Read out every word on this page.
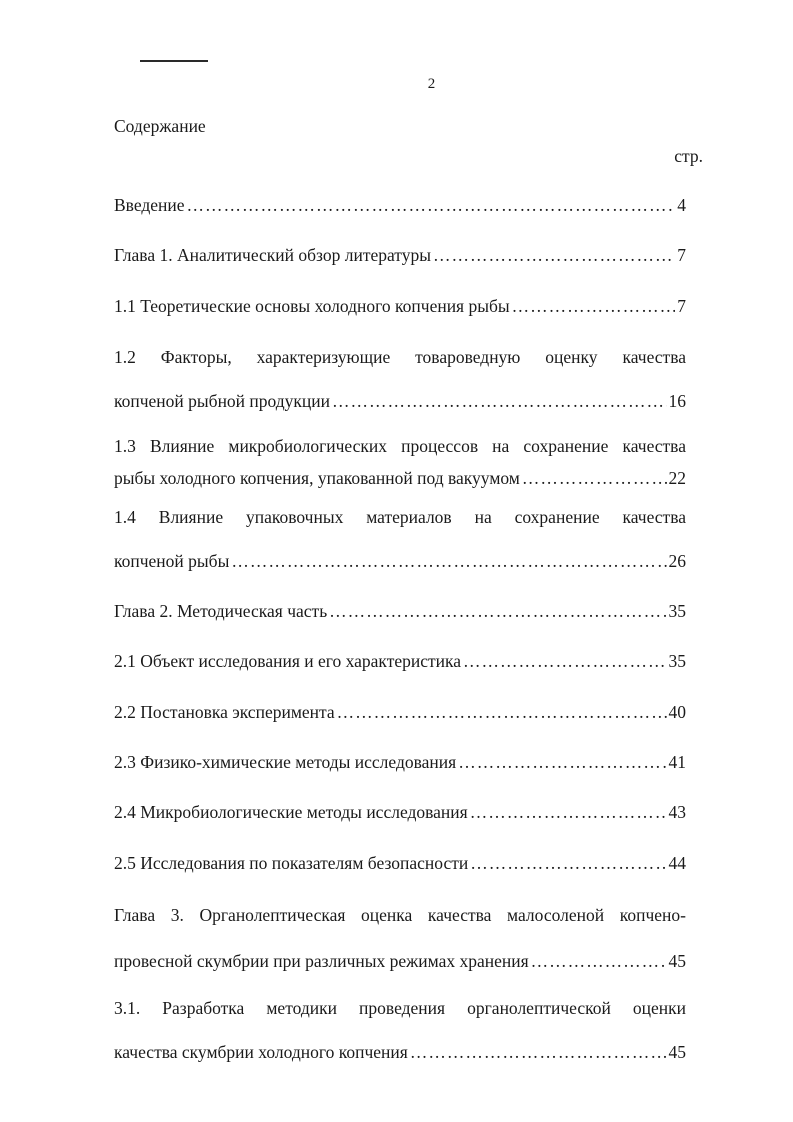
2
Содержание
стр.
Введение ……………………………………………………………………………………………………………………………………	4
Глава 1. Аналитический обзор литературы ……………………………………………………………………………………………………………………………………	7
1.1 Теоретические основы холодного копчения рыбы ……………………………………………………………………………………………………………………………………	7
1.2 Факторы, характеризующие товароведную оценку качества
копченой рыбной продукции ……………………………………………………………………………………………………………………………………	16
1.3 Влияние микробиологических процессов на сохранение качества
рыбы холодного копчения, упакованной под вакуумом ……………………………………………………………………………………………………………………………………	22
1.4 Влияние упаковочных материалов на сохранение качества
копченой рыбы ……………………………………………………………………………………………………………………………………	26
Глава 2. Методическая часть ……………………………………………………………………………………………………………………………………	35
2.1 Объект исследования и его характеристика ……………………………………………………………………………………………………………………………………	35
2.2 Постановка эксперимента ……………………………………………………………………………………………………………………………………	40
2.3 Физико-химические методы исследования ……………………………………………………………………………………………………………………………………	41
2.4 Микробиологические методы исследования ……………………………………………………………………………………………………………………………………	43
2.5 Исследования по показателям безопасности ……………………………………………………………………………………………………………………………………	44
Глава 3. Органолептическая оценка качества малосоленой копчено-
провесной скумбрии при различных режимах хранения ……………………………………………………………………………………………………………………………………	45
3.1. Разработка методики проведения органолептической оценки
качества скумбрии холодного копчения ……………………………………………………………………………………………………………………………………	45
